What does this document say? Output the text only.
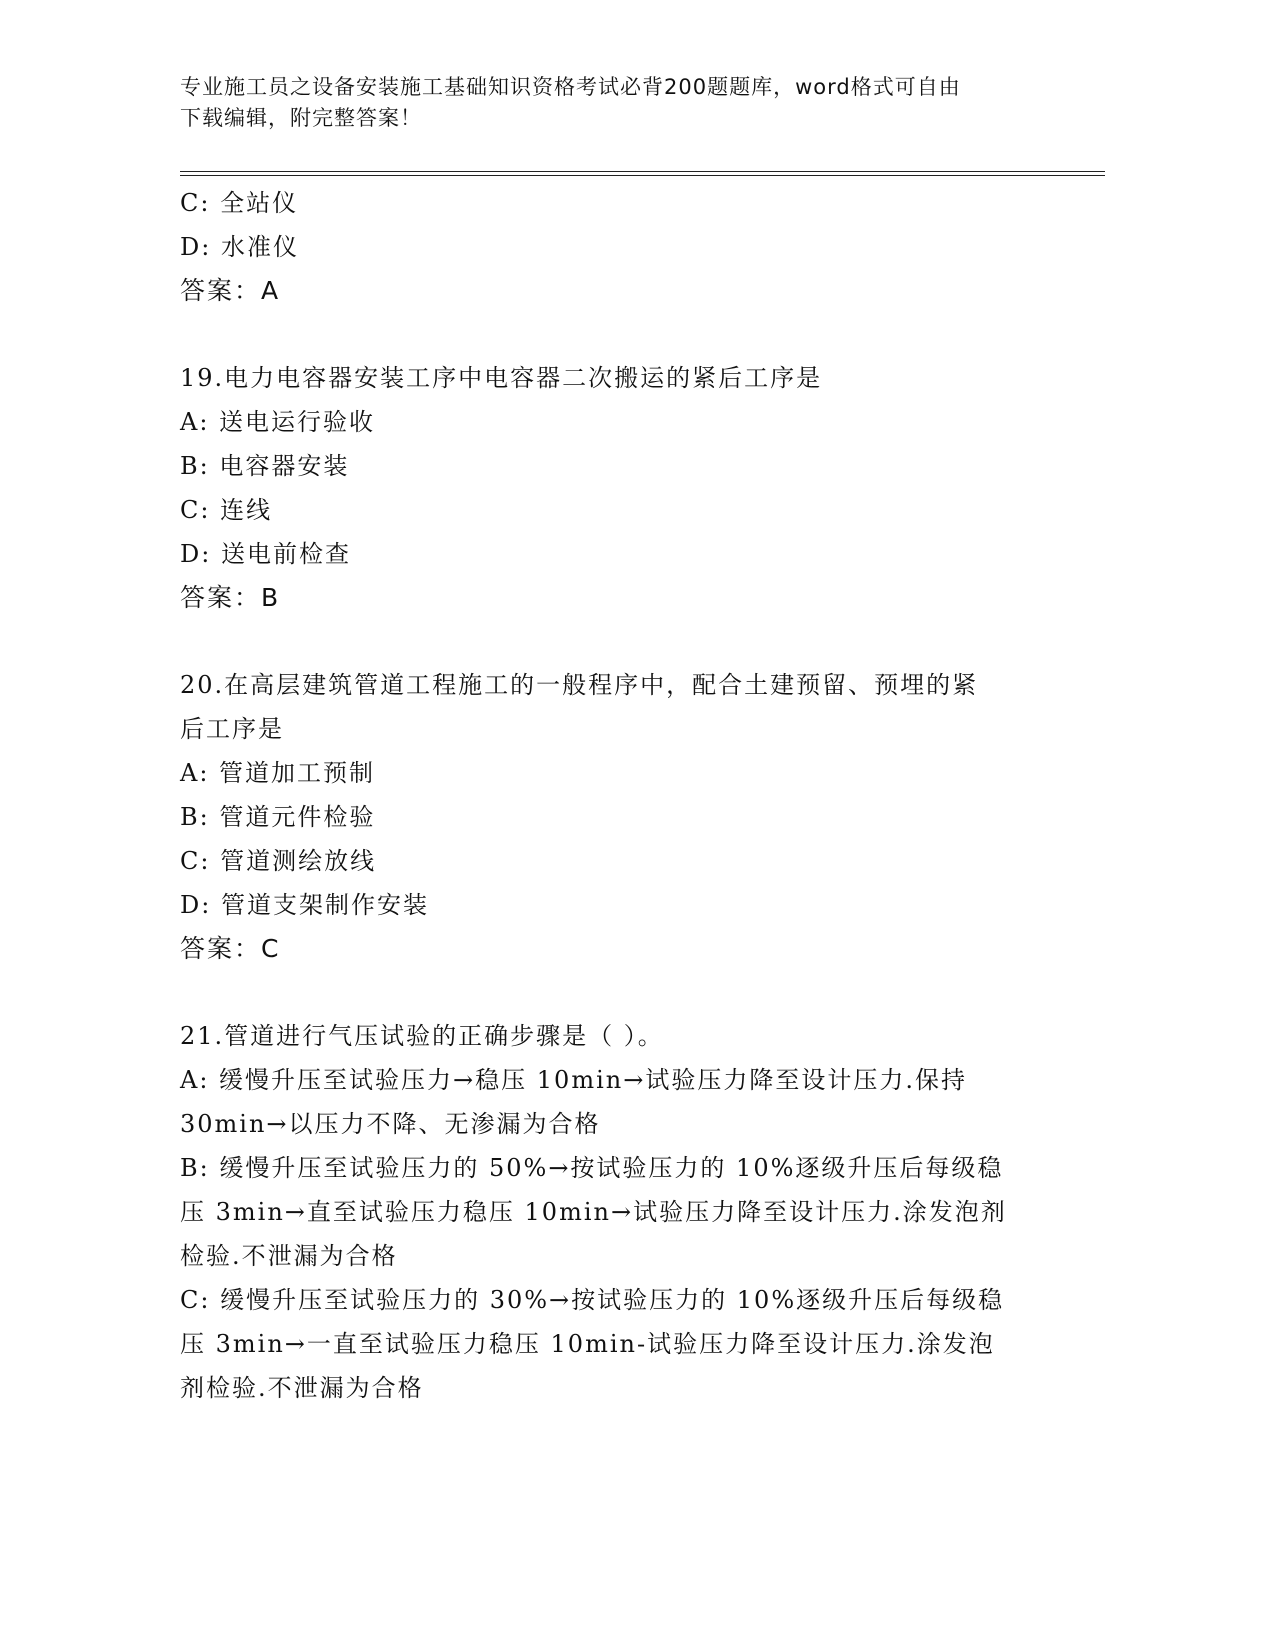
专业施工员之设备安装施工基础知识资格考试必背200题题库，word格式可自由
下载编辑，附完整答案！

C: 全站仪

D: 水准仪

答案：A

19.电力电容器安装工序中电容器二次搬运的紧后工序是

A: 送电运行验收

B: 电容器安装

C: 连线

D: 送电前检查

答案：B

20.在高层建筑管道工程施工的一般程序中，配合土建预留、预埋的紧

后工序是

A: 管道加工预制

B: 管道元件检验

C: 管道测绘放线

D: 管道支架制作安装

答案：C

21.管道进行气压试验的正确步骤是（ ）。

A: 缓慢升压至试验压力→稳压 10min→试验压力降至设计压力.保持

30min→以压力不降、无渗漏为合格

B: 缓慢升压至试验压力的 50%→按试验压力的 10%逐级升压后每级稳

压 3min→直至试验压力稳压 10min→试验压力降至设计压力.涂发泡剂

检验.不泄漏为合格

C: 缓慢升压至试验压力的 30%→按试验压力的 10%逐级升压后每级稳

压 3min→一直至试验压力稳压 10min-试验压力降至设计压力.涂发泡

剂检验.不泄漏为合格
